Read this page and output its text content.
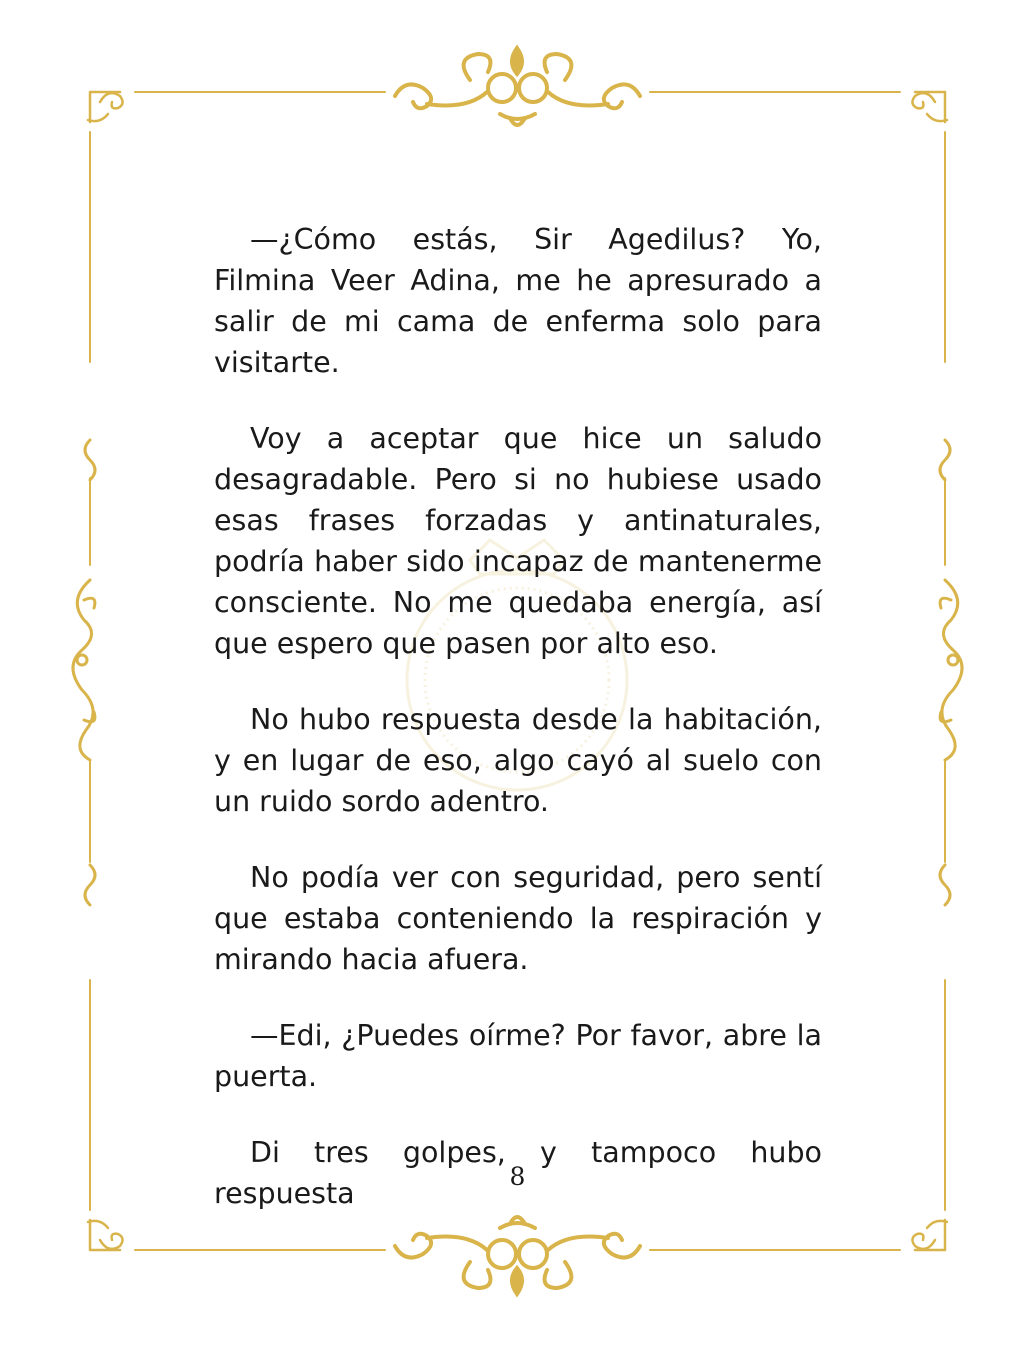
—¿Cómo estás, Sir Agedilus? Yo, Filmina Veer Adina, me he apresurado a salir de mi cama de enferma solo para visitarte.

Voy a aceptar que hice un saludo desagradable. Pero si no hubiese usado esas frases forzadas y antinaturales, podría haber sido incapaz de mantenerme consciente. No me quedaba energía, así que espero que pasen por alto eso.

No hubo respuesta desde la habitación, y en lugar de eso, algo cayó al suelo con un ruido sordo adentro.

No podía ver con seguridad, pero sentí que estaba conteniendo la respiración y mirando hacia afuera.

—Edi, ¿Puedes oírme? Por favor, abre la puerta.

Di tres golpes, y tampoco hubo respuesta

8
